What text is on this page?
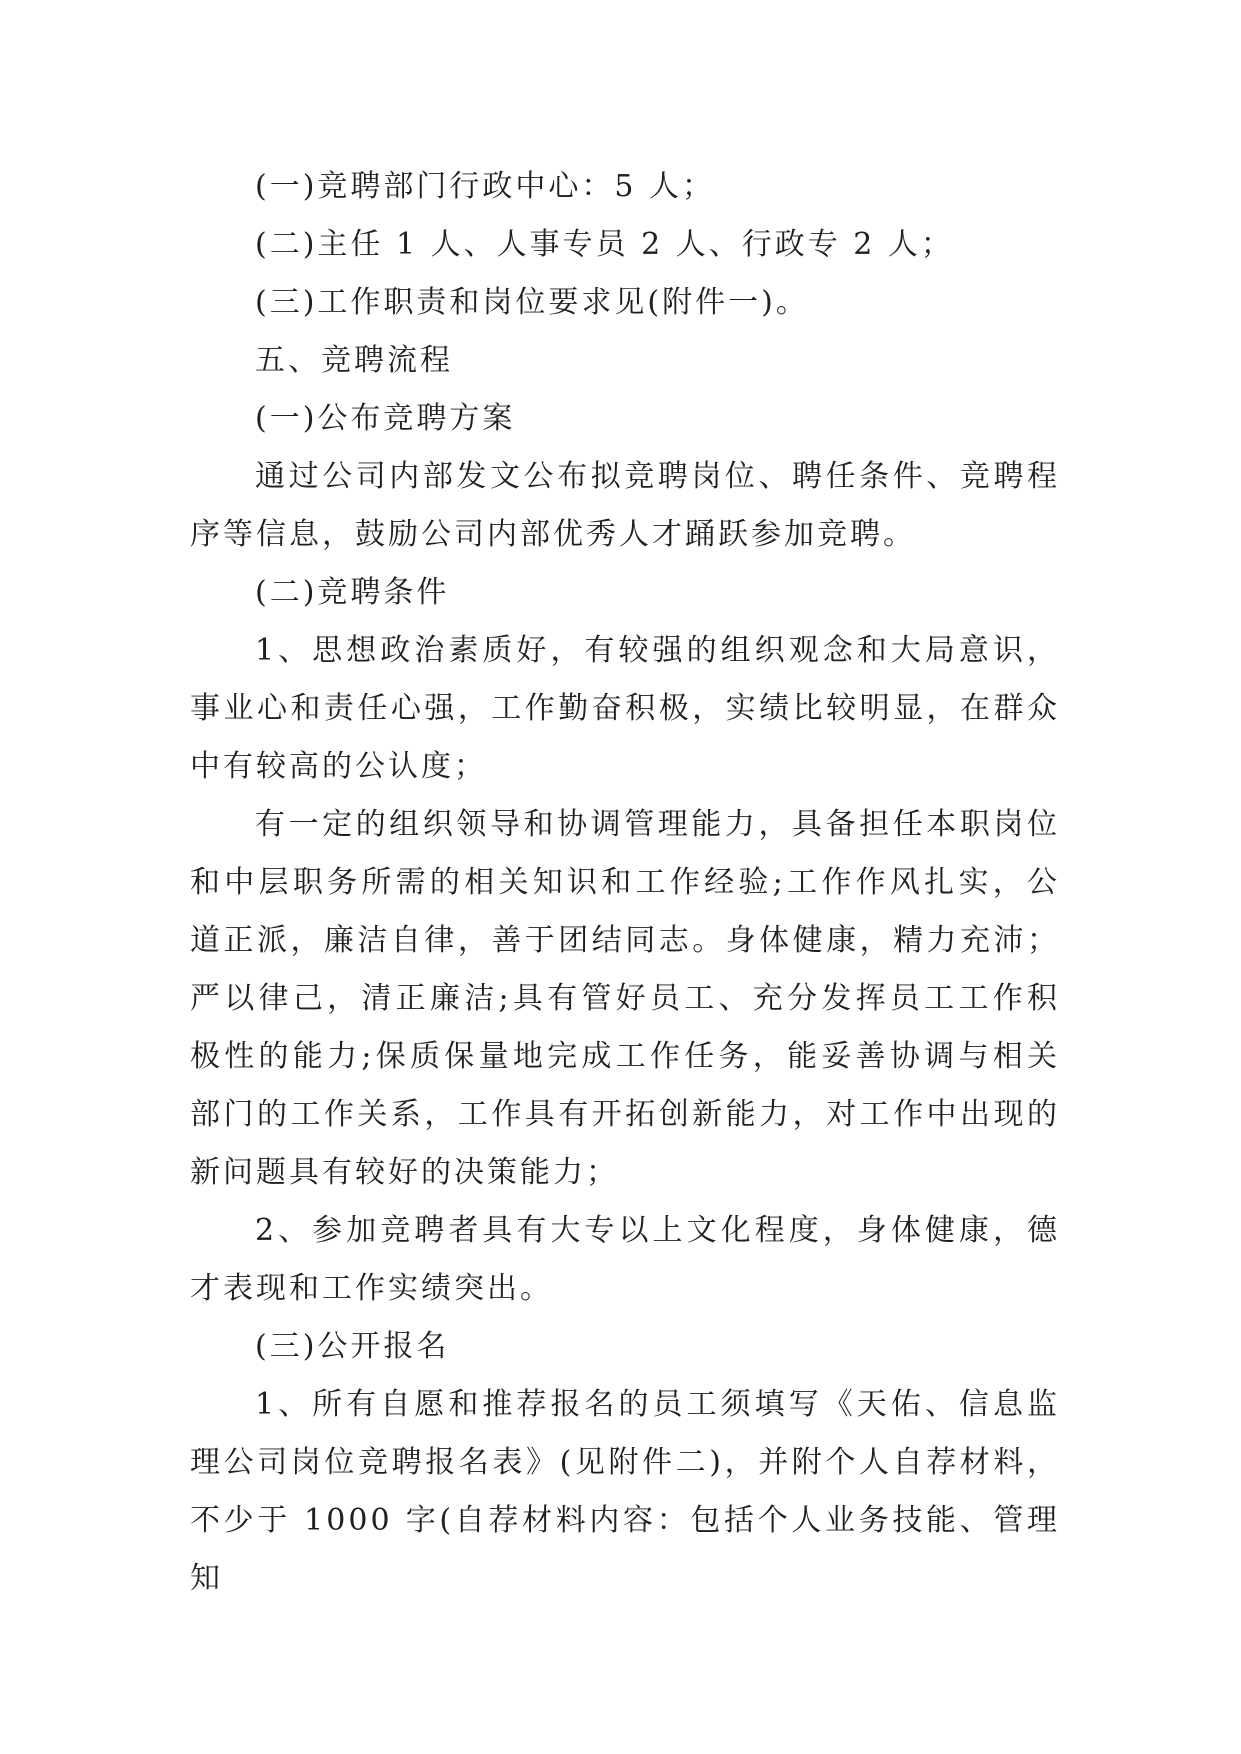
(一)竞聘部门行政中心：5 人；
(二)主任 1 人、人事专员 2 人、行政专 2 人；
(三)工作职责和岗位要求见(附件一)。
五、竞聘流程
(一)公布竞聘方案
通过公司内部发文公布拟竞聘岗位、聘任条件、竞聘程
序等信息，鼓励公司内部优秀人才踊跃参加竞聘。
(二)竞聘条件
1、思想政治素质好，有较强的组织观念和大局意识，
事业心和责任心强，工作勤奋积极，实绩比较明显，在群众
中有较高的公认度；
有一定的组织领导和协调管理能力，具备担任本职岗位
和中层职务所需的相关知识和工作经验;工作作风扎实，公
道正派，廉洁自律，善于团结同志。身体健康，精力充沛；
严以律己，清正廉洁;具有管好员工、充分发挥员工工作积
极性的能力;保质保量地完成工作任务，能妥善协调与相关
部门的工作关系，工作具有开拓创新能力，对工作中出现的
新问题具有较好的决策能力；
2、参加竞聘者具有大专以上文化程度，身体健康，德
才表现和工作实绩突出。
(三)公开报名
1、所有自愿和推荐报名的员工须填写《天佑、信息监
理公司岗位竞聘报名表》(见附件二)，并附个人自荐材料，
不少于 1000 字(自荐材料内容：包括个人业务技能、管理知
